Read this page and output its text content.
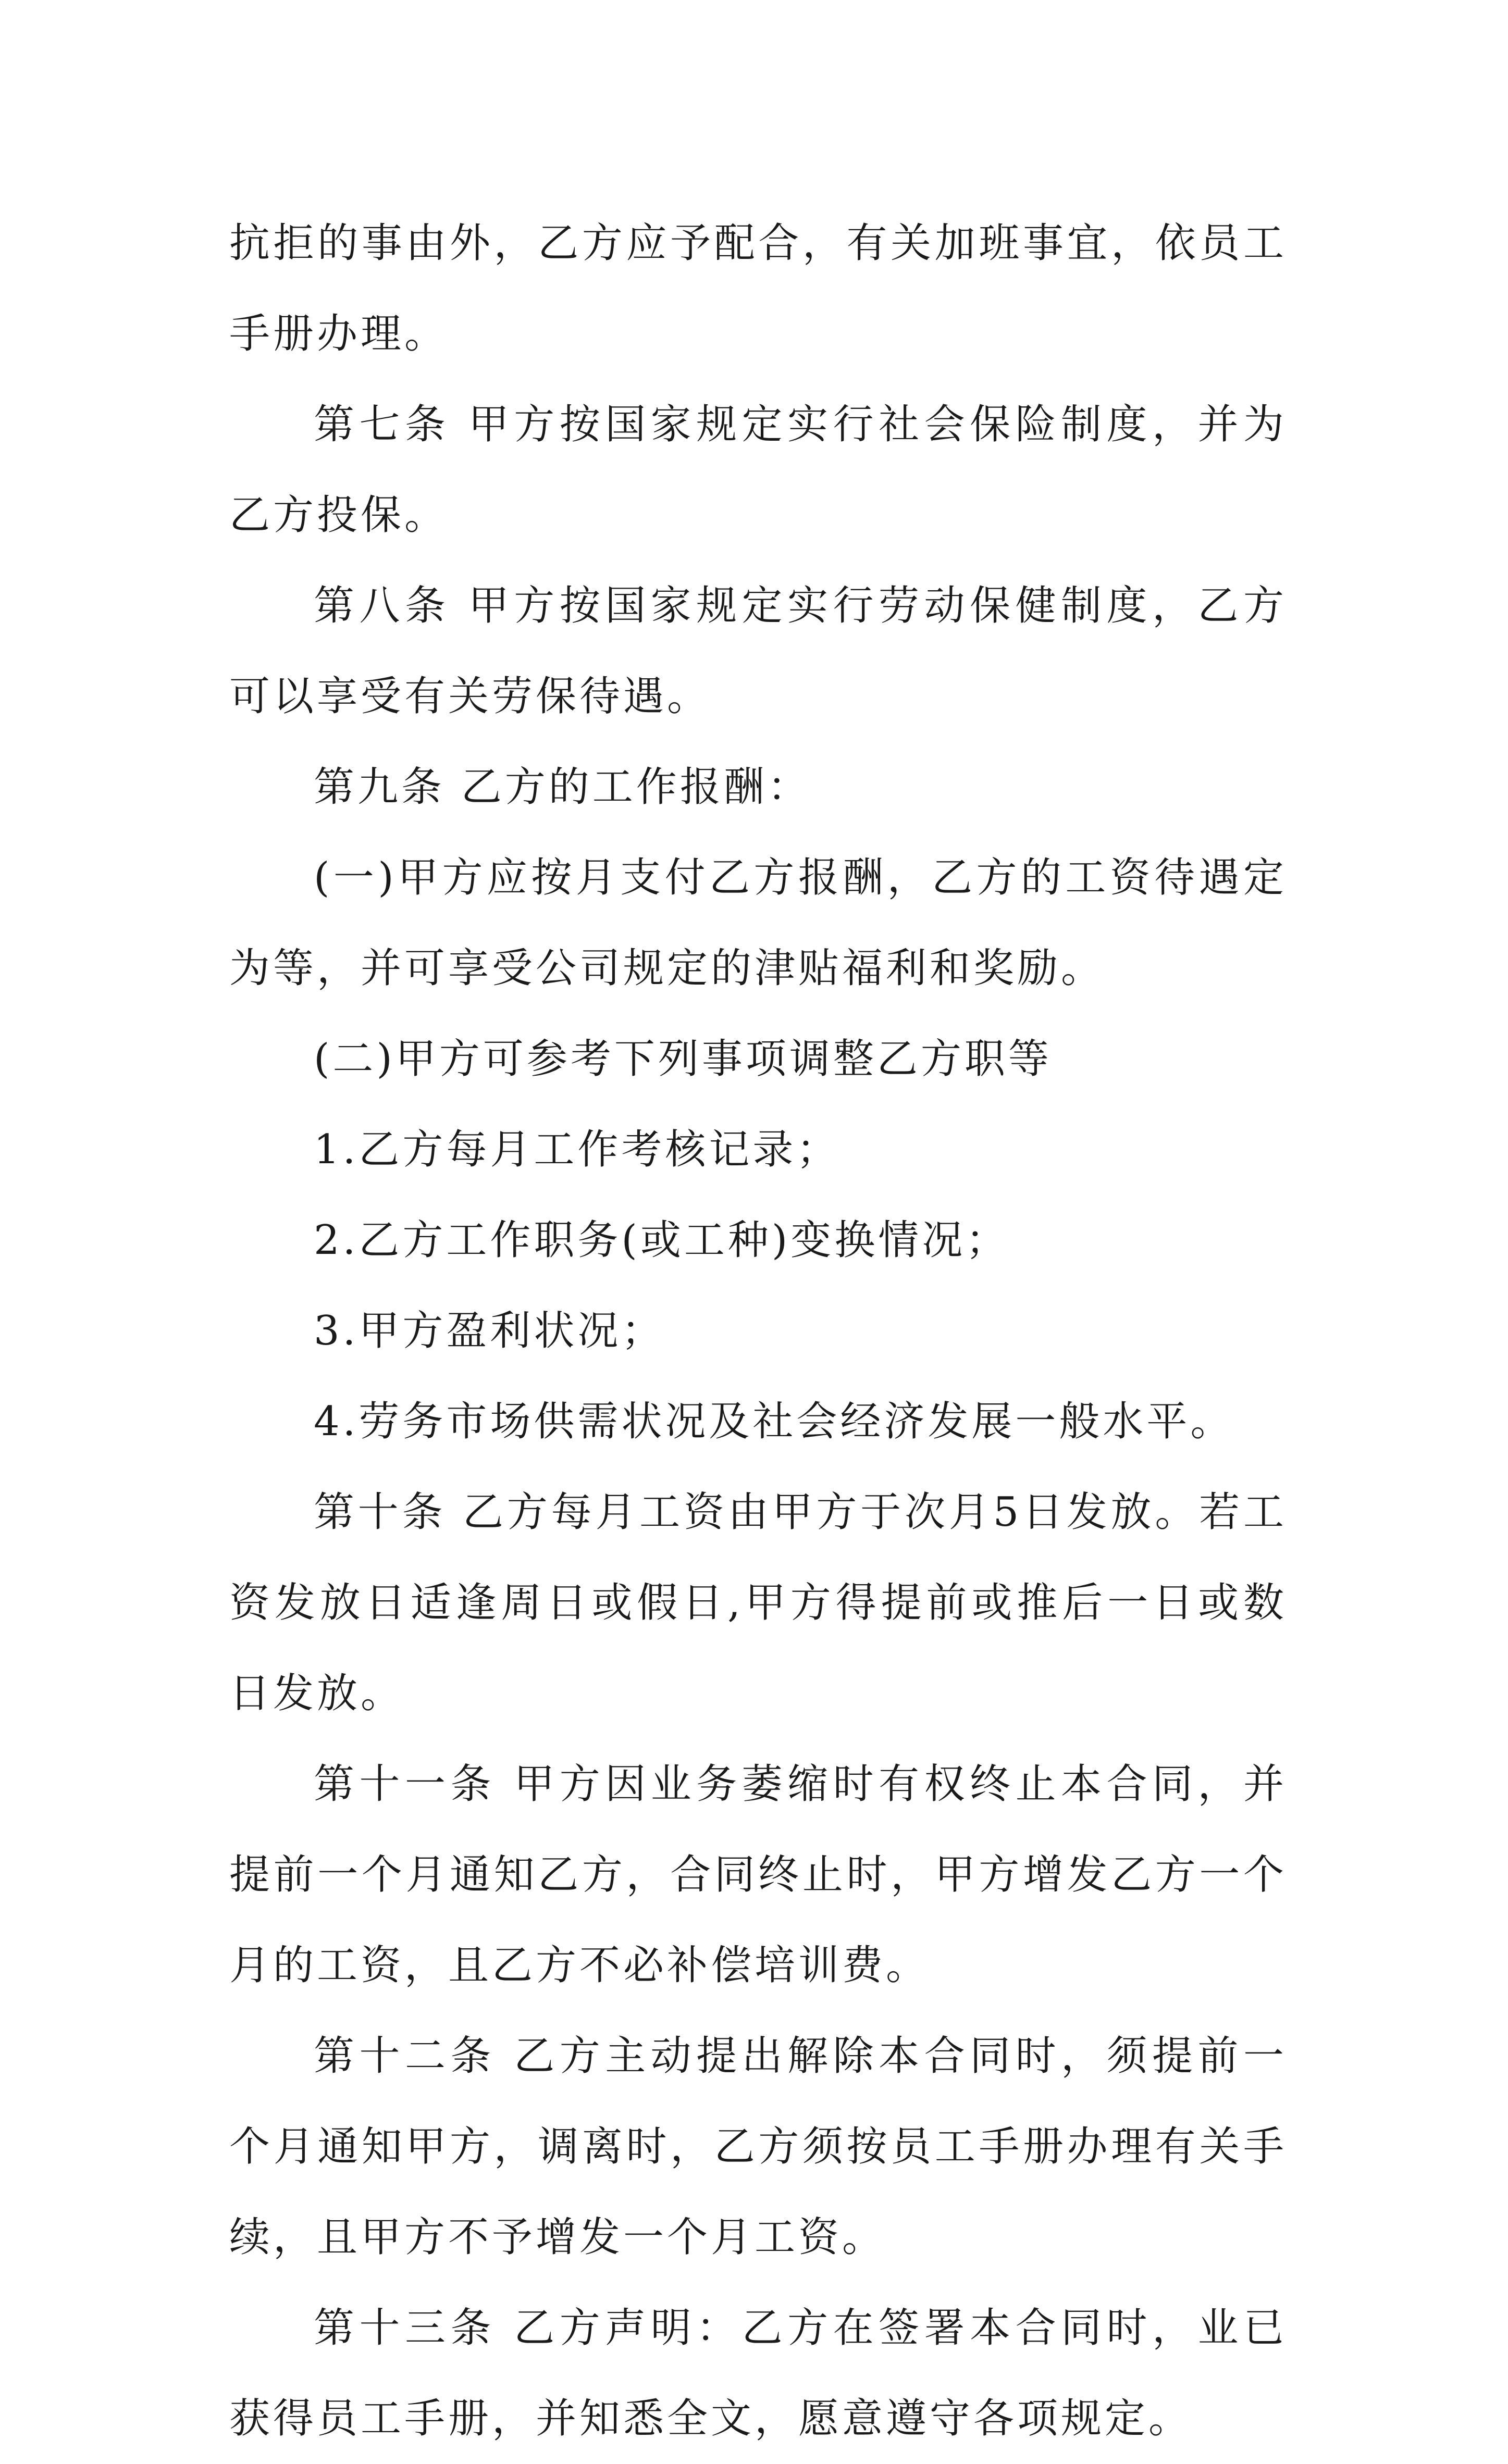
抗拒的事由外，乙方应予配合，有关加班事宜，依员工手册办理。

第七条 甲方按国家规定实行社会保险制度，并为乙方投保。

第八条 甲方按国家规定实行劳动保健制度，乙方可以享受有关劳保待遇。

第九条 乙方的工作报酬：

(一)甲方应按月支付乙方报酬，乙方的工资待遇定为等，并可享受公司规定的津贴福利和奖励。

(二)甲方可参考下列事项调整乙方职等

1.乙方每月工作考核记录；

2.乙方工作职务(或工种)变换情况；

3.甲方盈利状况；

4.劳务市场供需状况及社会经济发展一般水平。

第十条 乙方每月工资由甲方于次月5日发放。若工资发放日适逢周日或假日,甲方得提前或推后一日或数日发放。

第十一条 甲方因业务萎缩时有权终止本合同，并提前一个月通知乙方，合同终止时，甲方增发乙方一个月的工资，且乙方不必补偿培训费。

第十二条 乙方主动提出解除本合同时，须提前一个月通知甲方，调离时，乙方须按员工手册办理有关手续，且甲方不予增发一个月工资。

第十三条 乙方声明：乙方在签署本合同时，业已获得员工手册，并知悉全文，愿意遵守各项规定。
